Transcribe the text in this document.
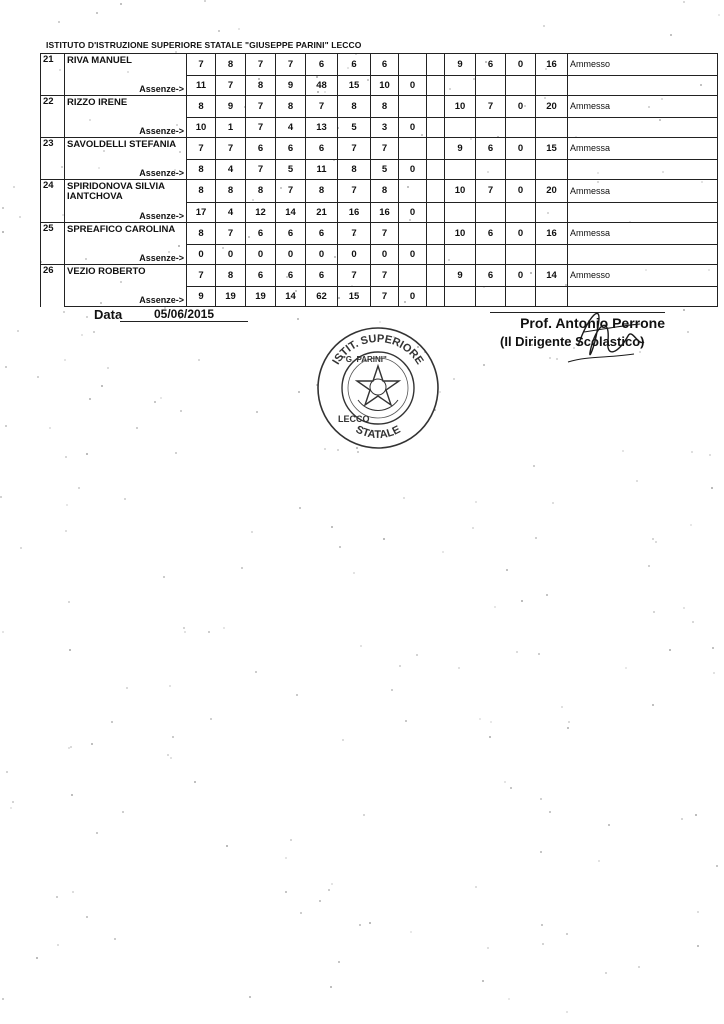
ISTITUTO D'ISTRUZIONE SUPERIORE STATALE "GIUSEPPE PARINI" LECCO
21	RIVA MANUEL	7	8	7	7	6	6	6			9	6	0	16	Ammesso
	Assenze->	11	7	8	9	48	15	10	0						
22	RIZZO IRENE	8	9	7	8	7	8	8			10	7	0	20	Ammessa
	Assenze->	10	1	7	4	13	5	3	0						
23	SAVOLDELLI STEFANIA	7	7	6	6	6	7	7			9	6	0	15	Ammessa
	Assenze->	8	4	7	5	11	8	5	0						
24	SPIRIDONOVA SILVIA IANTCHOVA	8	8	8	7	8	7	8			10	7	0	20	Ammessa
	Assenze->	17	4	12	14	21	16	16	0						
25	SPREAFICO CAROLINA	8	7	6	6	6	7	7			10	6	0	16	Ammessa
	Assenze->	0	0	0	0	0	0	0	0						
26	VEZIO ROBERTO	7	8	6	6	6	7	7			9	6	0	14	Ammesso
	Assenze->	9	19	19	14	62	15	7	0						
Data	05/06/2015
Prof. Antonio Perrone
(Il Dirigente Scolastico)
ISTIT. SUPERIORE
STATALE
"G. PARINI"
LECCO
